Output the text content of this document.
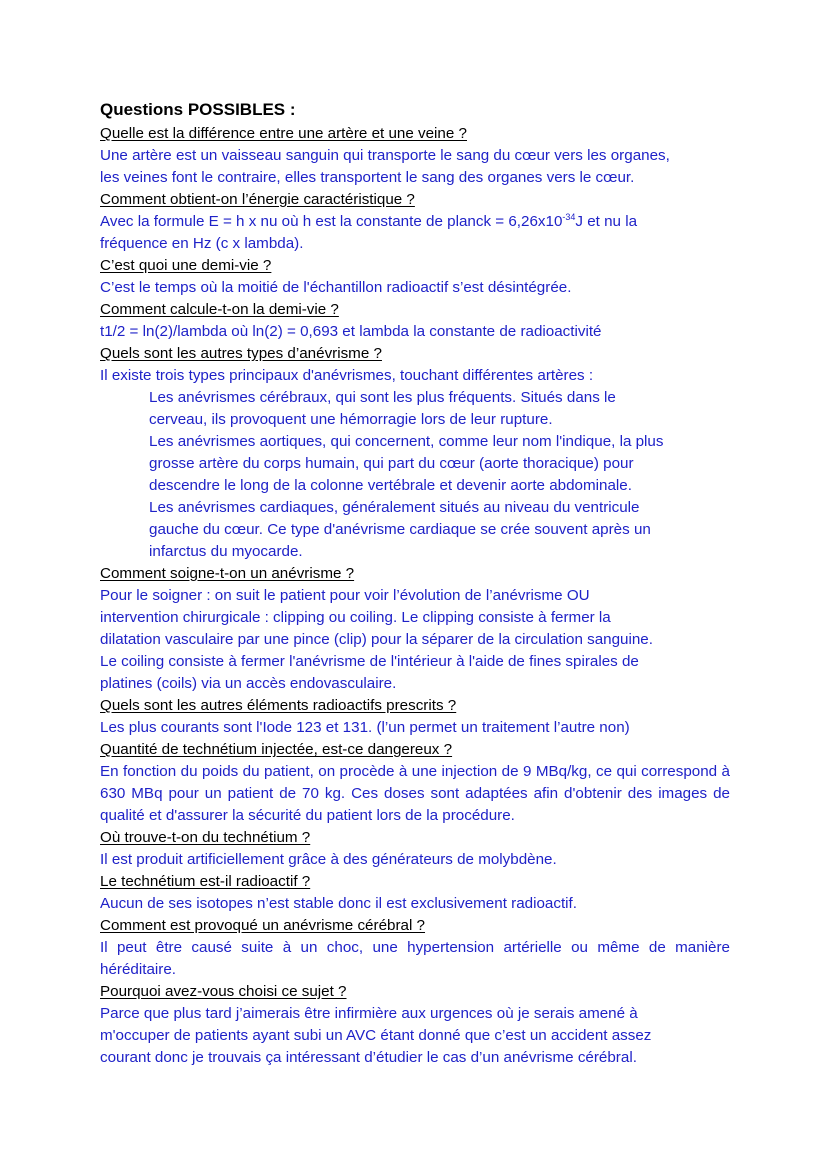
Questions POSSIBLES :
Quelle est la différence entre une artère et une veine ?
Une artère est un vaisseau sanguin qui transporte le sang du cœur vers les organes,
les veines font le contraire, elles transportent le sang des organes vers le cœur.
Comment obtient-on l’énergie caractéristique ?
Avec la formule E = h x nu où h est la constante de planck = $6,26x10^{-34}J$ et nu la
fréquence en Hz (c x lambda).
C’est quoi une demi-vie ?
C’est le temps où la moitié de l'échantillon radioactif s’est désintégrée.
Comment calcule-t-on la demi-vie ?
t1/2 = ln(2)/lambda où ln(2) = 0,693 et lambda la constante de radioactivité
Quels sont les autres types d’anévrisme ?
Il existe trois types principaux d'anévrismes, touchant différentes artères :
Les anévrismes cérébraux, qui sont les plus fréquents. Situés dans le
cerveau, ils provoquent une hémorragie lors de leur rupture.
Les anévrismes aortiques, qui concernent, comme leur nom l'indique, la plus
grosse artère du corps humain, qui part du cœur (aorte thoracique) pour
descendre le long de la colonne vertébrale et devenir aorte abdominale.
Les anévrismes cardiaques, généralement situés au niveau du ventricule
gauche du cœur. Ce type d'anévrisme cardiaque se crée souvent après un
infarctus du myocarde.
Comment soigne-t-on un anévrisme ?
Pour le soigner : on suit le patient pour voir l’évolution de l’anévrisme OU
intervention chirurgicale : clipping ou coiling. Le clipping consiste à fermer la
dilatation vasculaire par une pince (clip) pour la séparer de la circulation sanguine.
Le coiling consiste à fermer l'anévrisme de l'intérieur à l'aide de fines spirales de
platines (coils) via un accès endovasculaire.
Quels sont les autres éléments radioactifs prescrits ?
Les plus courants sont l'Iode 123 et 131. (l’un permet un traitement l’autre non)
Quantité de technétium injectée, est-ce dangereux ?
En fonction du poids du patient, on procède à une injection de 9 MBq/kg, ce qui correspond à 630 MBq pour un patient de 70 kg. Ces doses sont adaptées afin d'obtenir des images de qualité et d'assurer la sécurité du patient lors de la procédure.
Où trouve-t-on du technétium ?
Il est produit artificiellement grâce à des générateurs de molybdène.
Le technétium est-il radioactif ?
Aucun de ses isotopes n’est stable donc il est exclusivement radioactif.
Comment est provoqué un anévrisme cérébral ?
Il peut être causé suite à un choc, une hypertension artérielle ou même de manière héréditaire.
Pourquoi avez-vous choisi ce sujet ?
Parce que plus tard j’aimerais être infirmière aux urgences où je serais amené à
m'occuper de patients ayant subi un AVC étant donné que c’est un accident assez
courant donc je trouvais ça intéressant d’étudier le cas d’un anévrisme cérébral.
